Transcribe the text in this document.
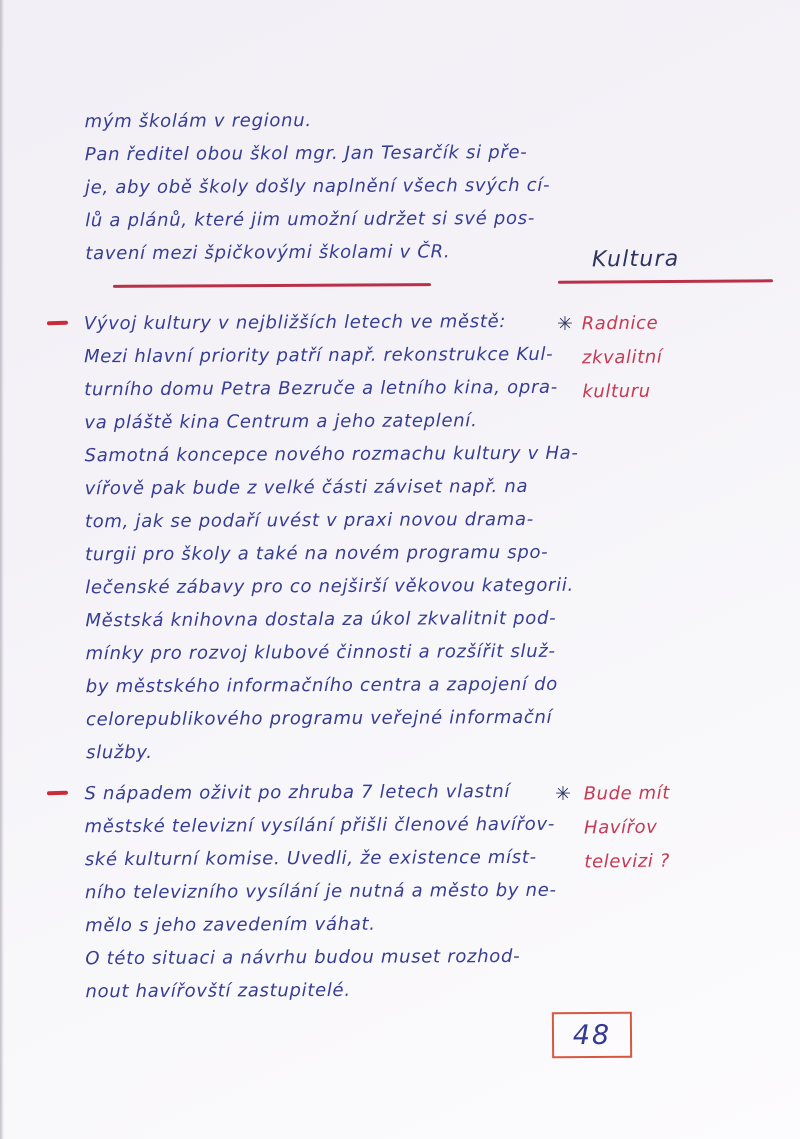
mým školám v regionu.
Pan ředitel obou škol mgr. Jan Tesarčík si pře-
je, aby obě školy došly naplnění všech svých cí-
lů a plánů, které jim umožní udržet si své pos-
tavení mezi špičkovými školami v ČR.	Kultura
Vývoj kultury v nejbližších letech ve městě:
Mezi hlavní priority patří např. rekonstrukce Kul-
turního domu Petra Bezruče a letního kina, opra-
va pláště kina Centrum a jeho zateplení.
Samotná koncepce nového rozmachu kultury v Ha-
vířově pak bude z velké části záviset např. na
tom, jak se podaří uvést v praxi novou drama-
turgii pro školy a také na novém programu spo-
lečenské zábavy pro co nejširší věkovou kategorii.
Městská knihovna dostala za úkol zkvalitnit pod-
mínky pro rozvoj klubové činnosti a rozšířit služ-
by městského informačního centra a zapojení do
celorepublikového programu veřejné informační
služby.
✳ Radnice
zkvalitní
kulturu
S nápadem oživit po zhruba 7 letech vlastní
městské televizní vysílání přišli členové havířov-
ské kulturní komise. Uvedli, že existence míst-
ního televizního vysílání je nutná a město by ne-
mělo s jeho zavedením váhat.
O této situaci a návrhu budou muset rozhod-
nout havířovští zastupitelé.
✳ Bude mít
Havířov
televizi ?
48
